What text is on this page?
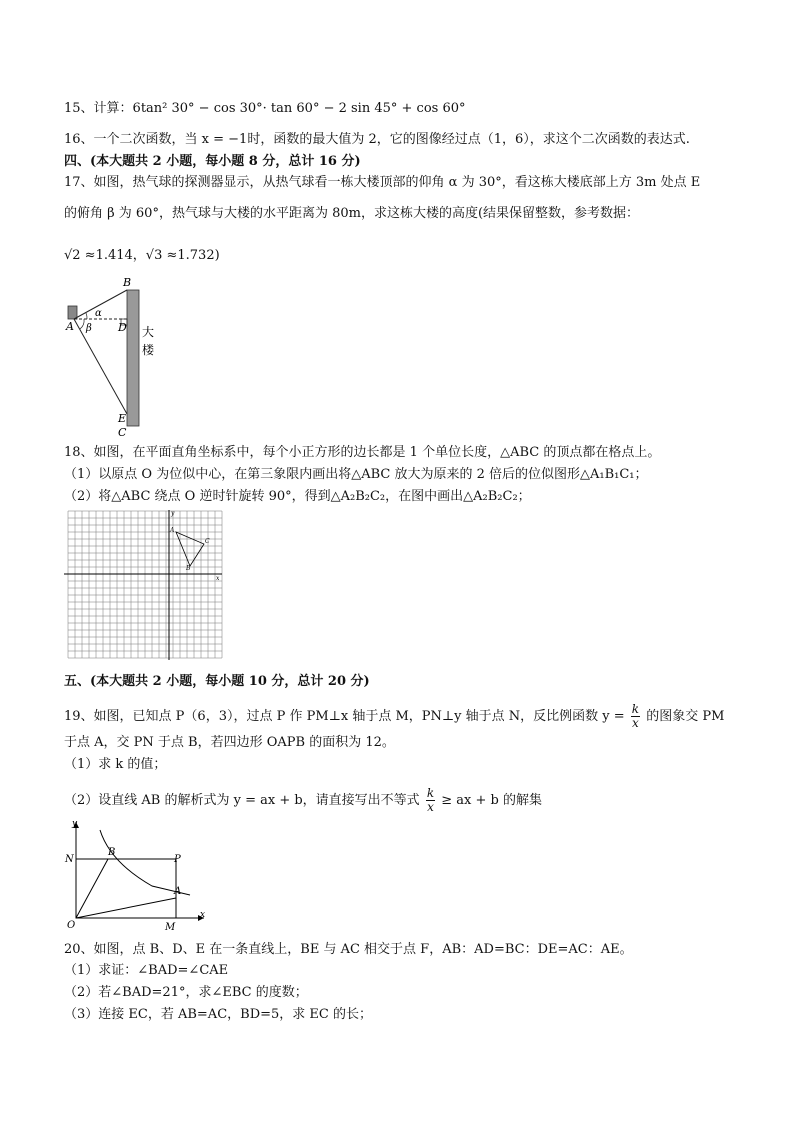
15、计算：6tan² 30° − cos 30°· tan 60° − 2 sin 45° + cos 60°
16、一个二次函数，当 x = −1时，函数的最大值为 2，它的图像经过点（1，6），求这个二次函数的表达式.
四、(本大题共 2 小题，每小题 8 分，总计 16 分)
17、如图，热气球的探测器显示，从热气球看一栋大楼顶部的仰角 α 为 30°，看这栋大楼底部上方 3m 处点 E
的俯角 β 为 60°，热气球与大楼的水平距离为 80m，求这栋大楼的高度(结果保留整数，参考数据：
√2 ≈1.414，√3 ≈1.732)
B
A	D
E
C
α
β	大
楼
18、如图，在平面直角坐标系中，每个小正方形的边长都是 1 个单位长度，△ABC 的顶点都在格点上。
（1）以原点 O 为位似中心，在第三象限内画出将△ABC 放大为原来的 2 倍后的位似图形△A₁B₁C₁；
（2）将△ABC 绕点 O 逆时针旋转 90°，得到△A₂B₂C₂，在图中画出△A₂B₂C₂；
A
B
C
x
y
五、(本大题共 2 小题，每小题 10 分，总计 20 分)
19、如图，已知点 P（6，3），过点 P 作 PM⊥x 轴于点 M，PN⊥y 轴于点 N，反比例函数 $y = \frac{k}{x}$ 的图象交 PM
于点 A，交 PN 于点 B，若四边形 OAPB 的面积为 12。
（1）求 k 的值；
（2）设直线 AB 的解析式为 y = ax + b，请直接写出不等式 $\frac{k}{x}$ ≥ ax + b 的解集
y
x
N
B
P
A
O	M
20、如图，点 B、D、E 在一条直线上，BE 与 AC 相交于点 F，AB：AD=BC：DE=AC：AE。
（1）求证：∠BAD=∠CAE
（2）若∠BAD=21°，求∠EBC 的度数；
（3）连接 EC，若 AB=AC，BD=5，求 EC 的长；
